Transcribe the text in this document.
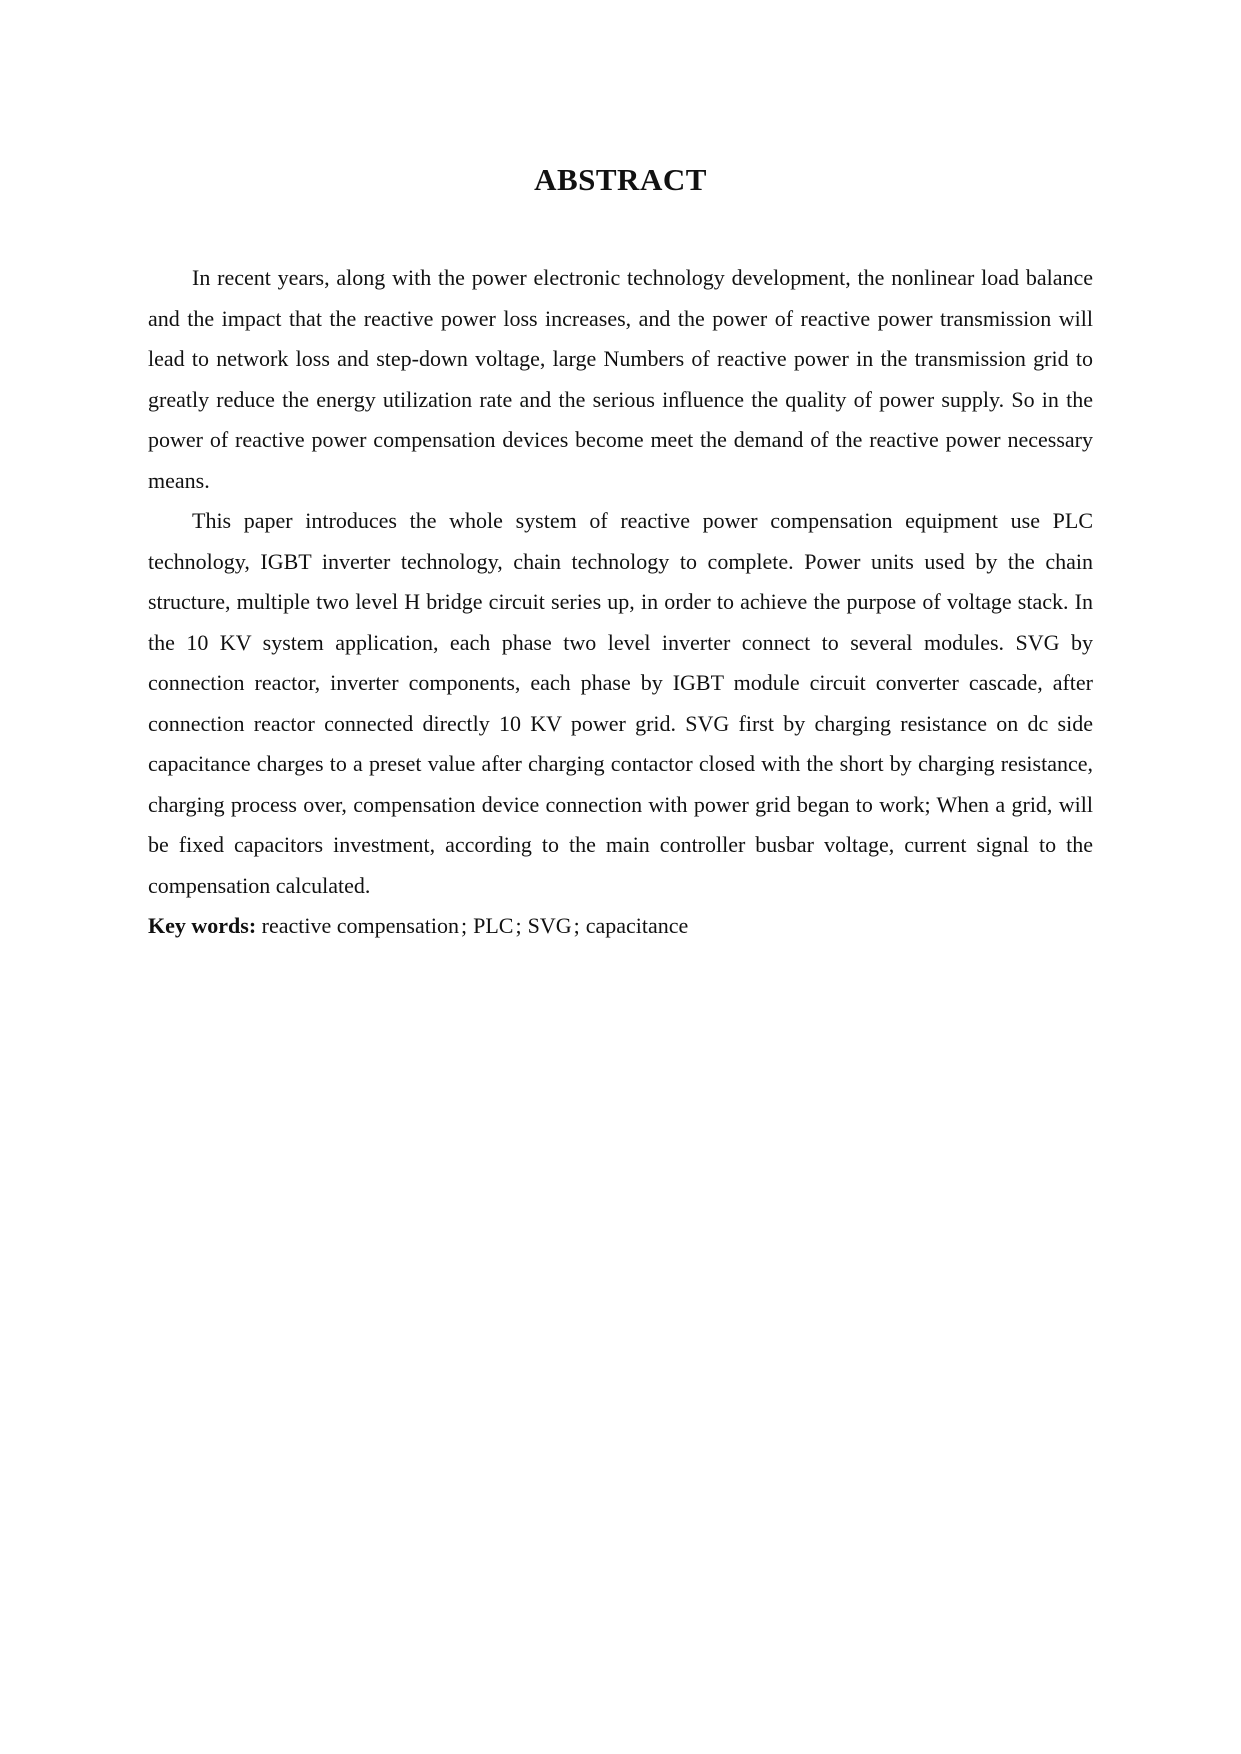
ABSTRACT

In recent years, along with the power electronic technology development, the nonlinear load balance and the impact that the reactive power loss increases, and the power of reactive power transmission will lead to network loss and step-down voltage, large Numbers of reactive power in the transmission grid to greatly reduce the energy utilization rate and the serious influence the quality of power supply. So in the power of reactive power compensation devices become meet the demand of the reactive power necessary means.

This paper introduces the whole system of reactive power compensation equipment use PLC technology, IGBT inverter technology, chain technology to complete. Power units used by the chain structure, multiple two level H bridge circuit series up, in order to achieve the purpose of voltage stack. In the 10 KV system application, each phase two level inverter connect to several modules. SVG by connection reactor, inverter components, each phase by IGBT module circuit converter cascade, after connection reactor connected directly 10 KV power grid. SVG first by charging resistance on dc side capacitance charges to a preset value after charging contactor closed with the short by charging resistance, charging process over, compensation device connection with power grid began to work; When a grid, will be fixed capacitors investment, according to the main controller busbar voltage, current signal to the compensation calculated.

Key words: reactive compensation; PLC; SVG; capacitance
